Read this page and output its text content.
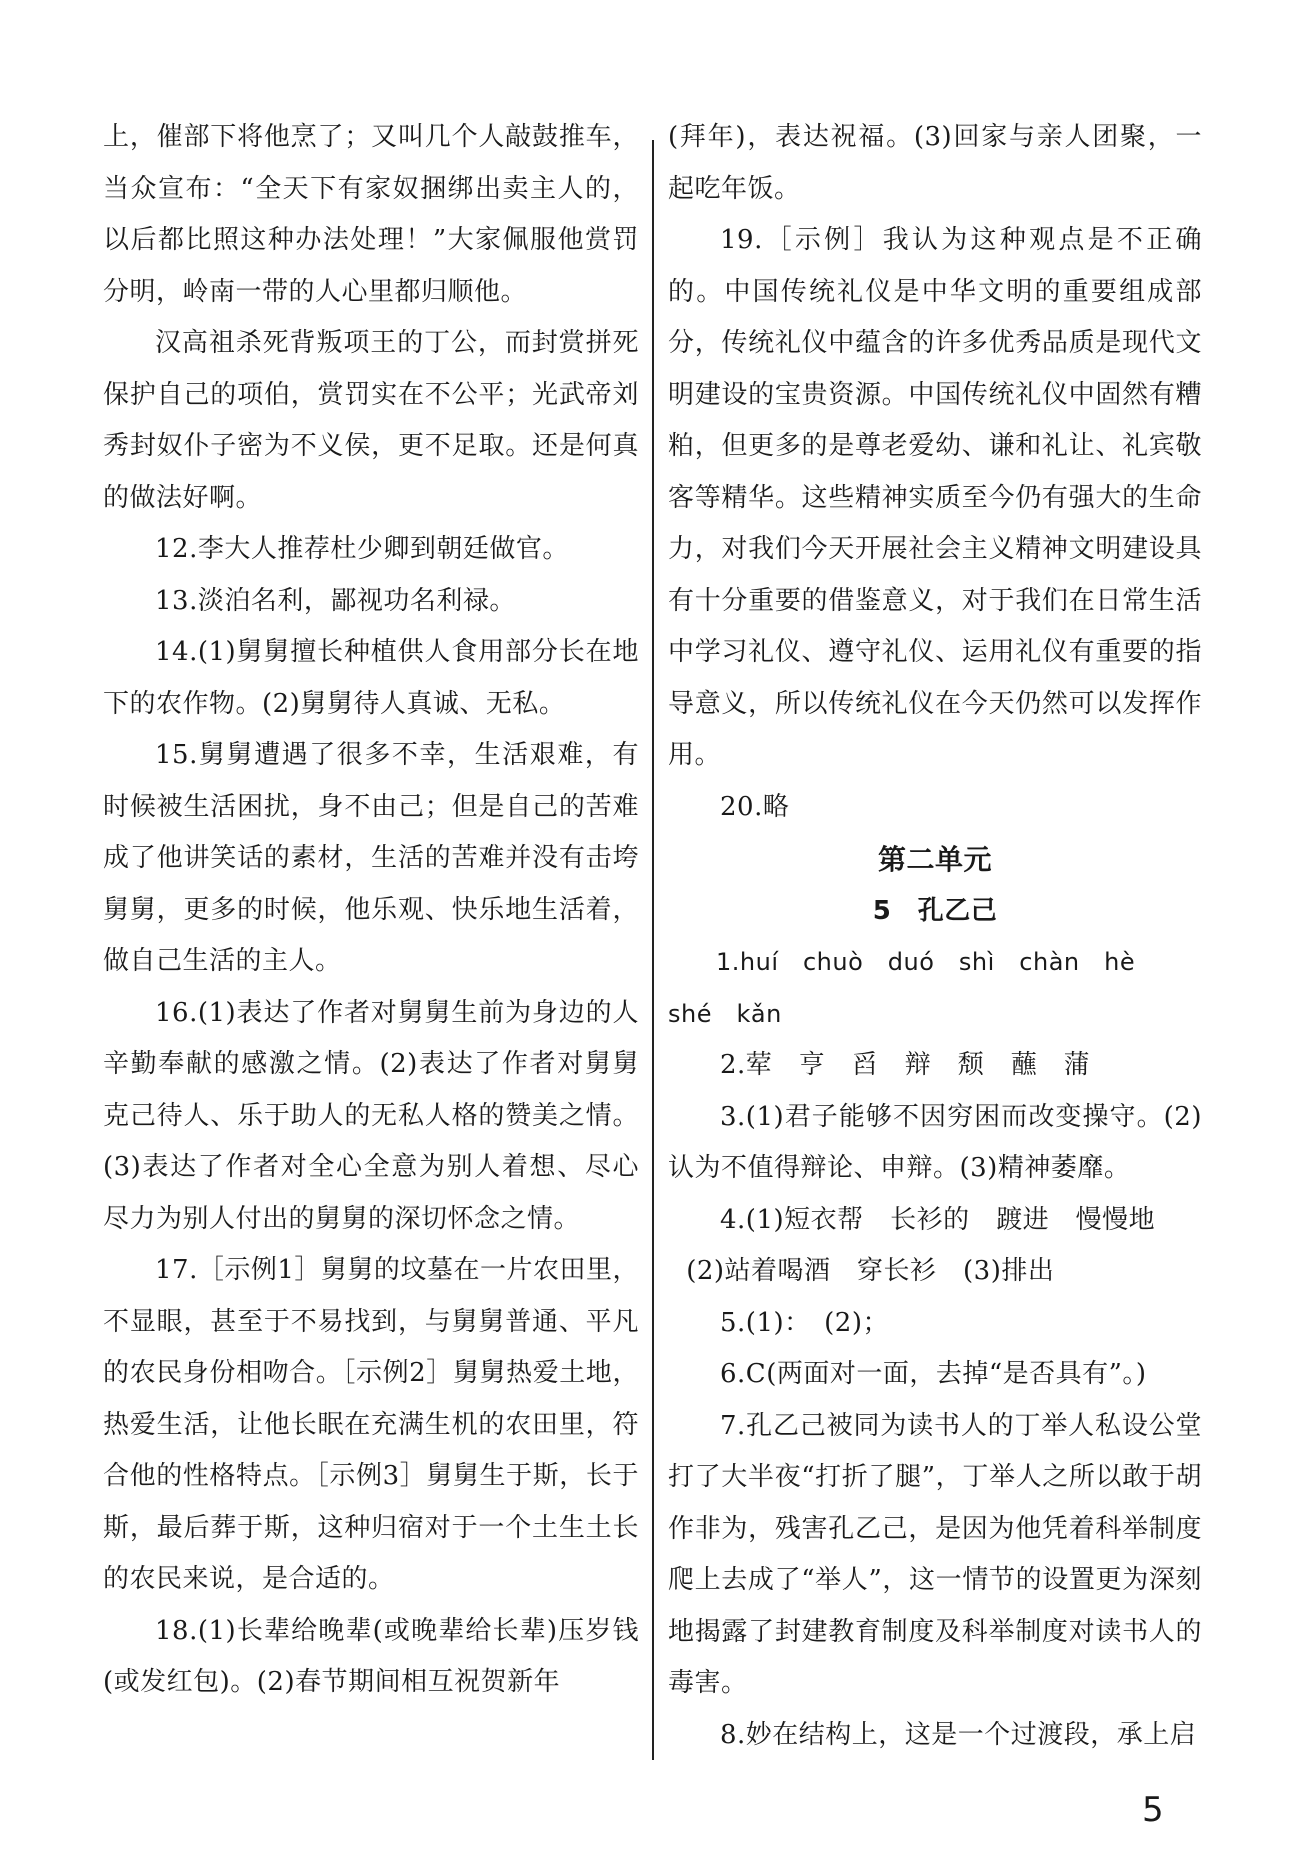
上，催部下将他烹了；又叫几个人敲鼓推车，当众宣布：“全天下有家奴捆绑出卖主人的，以后都比照这种办法处理！”大家佩服他赏罚分明，岭南一带的人心里都归顺他。

汉高祖杀死背叛项王的丁公，而封赏拼死保护自己的项伯，赏罚实在不公平；光武帝刘秀封奴仆子密为不义侯，更不足取。还是何真的做法好啊。

12.李大人推荐杜少卿到朝廷做官。

13.淡泊名利，鄙视功名利禄。

14.(1)舅舅擅长种植供人食用部分长在地下的农作物。(2)舅舅待人真诚、无私。

15.舅舅遭遇了很多不幸，生活艰难，有时候被生活困扰，身不由己；但是自己的苦难成了他讲笑话的素材，生活的苦难并没有击垮舅舅，更多的时候，他乐观、快乐地生活着，做自己生活的主人。

16.(1)表达了作者对舅舅生前为身边的人辛勤奉献的感激之情。(2)表达了作者对舅舅克己待人、乐于助人的无私人格的赞美之情。(3)表达了作者对全心全意为别人着想、尽心尽力为别人付出的舅舅的深切怀念之情。

17.［示例1］舅舅的坟墓在一片农田里，不显眼，甚至于不易找到，与舅舅普通、平凡的农民身份相吻合。［示例2］舅舅热爱土地，热爱生活，让他长眠在充满生机的农田里，符合他的性格特点。［示例3］舅舅生于斯，长于斯，最后葬于斯，这种归宿对于一个土生土长的农民来说，是合适的。

18.(1)长辈给晚辈(或晚辈给长辈)压岁钱(或发红包)。(2)春节期间相互祝贺新年

(拜年)，表达祝福。(3)回家与亲人团聚，一起吃年饭。

19.［示例］我认为这种观点是不正确的。中国传统礼仪是中华文明的重要组成部分，传统礼仪中蕴含的许多优秀品质是现代文明建设的宝贵资源。中国传统礼仪中固然有糟粕，但更多的是尊老爱幼、谦和礼让、礼宾敬客等精华。这些精神实质至今仍有强大的生命力，对我们今天开展社会主义精神文明建设具有十分重要的借鉴意义，对于我们在日常生活中学习礼仪、遵守礼仪、运用礼仪有重要的指导意义，所以传统礼仪在今天仍然可以发挥作用。

20.略

第二单元

5　孔乙己

1.huí　chuò　duó　shì　chàn　hè

shé　kǎn

2.荤　亨　舀　辩　颓　蘸　蒲

3.(1)君子能够不因穷困而改变操守。(2)认为不值得辩论、申辩。(3)精神萎靡。

4.(1)短衣帮　长衫的　踱进　慢慢地

(2)站着喝酒　穿长衫　(3)排出

5.(1)：　(2)；

6.C(两面对一面，去掉“是否具有”。)

7.孔乙己被同为读书人的丁举人私设公堂打了大半夜“打折了腿”，丁举人之所以敢于胡作非为，残害孔乙己，是因为他凭着科举制度爬上去成了“举人”，这一情节的设置更为深刻地揭露了封建教育制度及科举制度对读书人的毒害。

8.妙在结构上，这是一个过渡段，承上启

5
